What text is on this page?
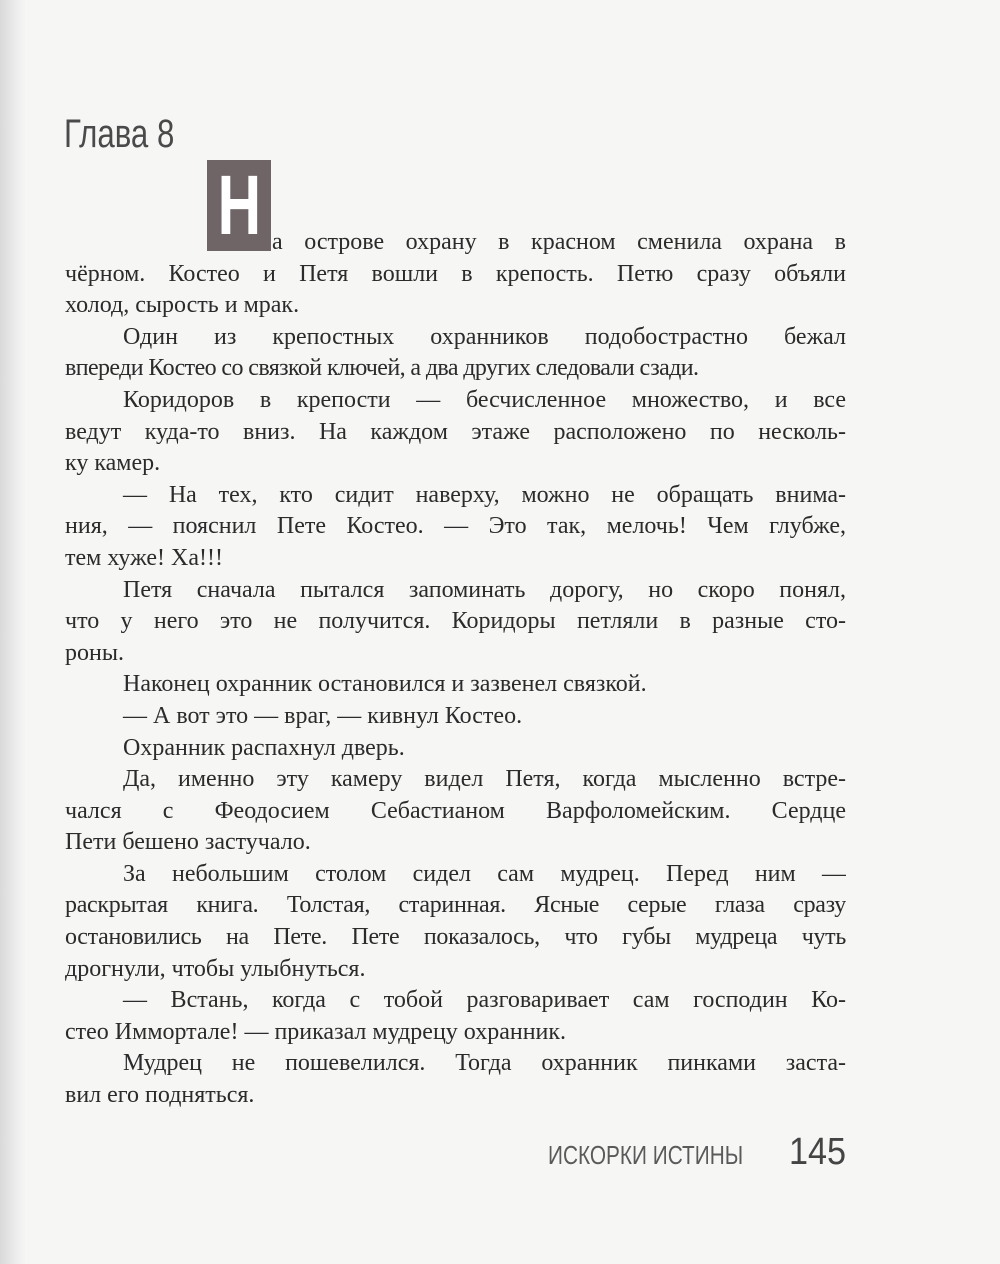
Глава 8
Н а острове охрану в красном сменила охрана в
чёрном. Костео и Петя вошли в крепость. Петю сразу объяли
холод, сырость и мрак.
Один из крепостных охранников подобострастно бежал
впереди Костео со связкой ключей, а два других следовали сзади.
Коридоров в крепости — бесчисленное множество, и все
ведут куда-то вниз. На каждом этаже расположено по несколь-
ку камер.
— На тех, кто сидит наверху, можно не обращать внима-
ния, — пояснил Пете Костео. — Это так, мелочь! Чем глубже,
тем хуже! Ха!!!
Петя сначала пытался запоминать дорогу, но скоро понял,
что у него это не получится. Коридоры петляли в разные сто-
роны.
Наконец охранник остановился и зазвенел связкой.
— А вот это — враг, — кивнул Костео.
Охранник распахнул дверь.
Да, именно эту камеру видел Петя, когда мысленно встре-
чался с Феодосием Себастианом Варфоломейским. Сердце
Пети бешено застучало.
За небольшим столом сидел сам мудрец. Перед ним —
раскрытая книга. Толстая, старинная. Ясные серые глаза сразу
остановились на Пете. Пете показалось, что губы мудреца чуть
дрогнули, чтобы улыбнуться.
— Встань, когда с тобой разговаривает сам господин Ко-
стео Иммортале! — приказал мудрецу охранник.
Мудрец не пошевелился. Тогда охранник пинками заста-
вил его подняться.
ИСКОРКИ ИСТИНЫ 145
